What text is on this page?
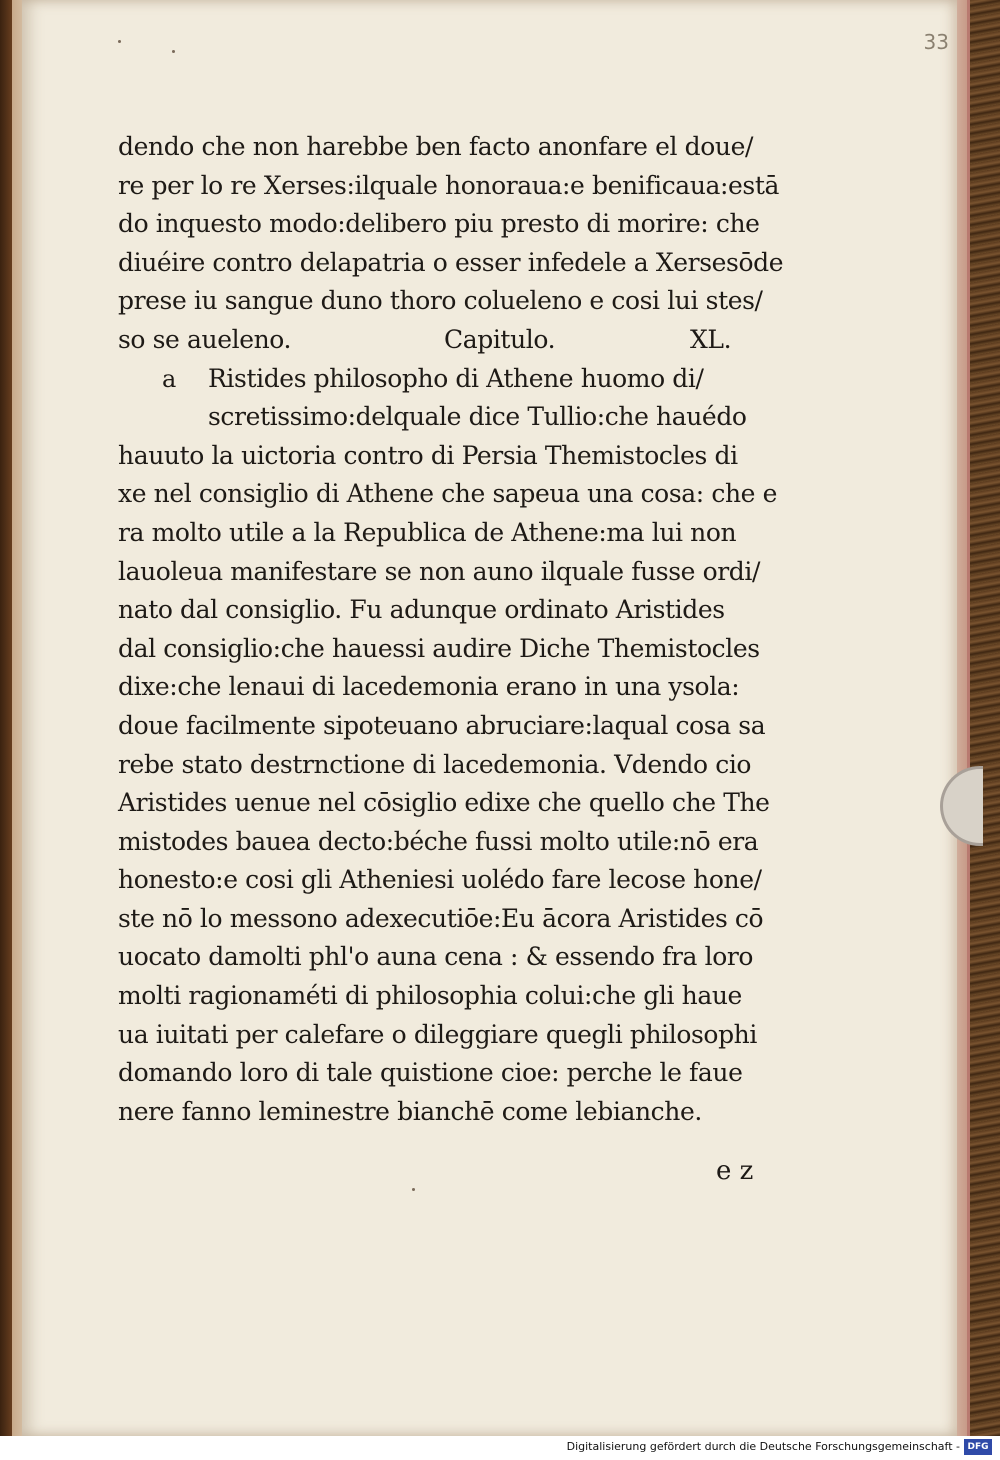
33
dendo che non harebbe ben facto anonfare el doue/
re per lo re Xerses:ilquale honoraua:e benificaua:estā
do inquesto modo:delibero piu presto di morire: che
diuéire contro delapatria o esser infedele a Xersesōde
prese iu sangue duno thoro colueleno e cosi lui stes/
so se aueleno.	Capitulo.	XL.
a Ristides philosopho di Athene huomo di/
scretissimo:delquale dice Tullio:che hauédo
hauuto la uictoria contro di Persia Themistocles di
xe nel consiglio di Athene che sapeua una cosa: che e
ra molto utile a la Republica de Athene:ma lui non
lauoleua manifestare se non auno ilquale fusse ordi/
nato dal consiglio. Fu adunque ordinato Aristides
dal consiglio:che hauessi audire Diche Themistocles
dixe:che lenaui di lacedemonia erano in una ysola:
doue facilmente sipoteuano abruciare:laqual cosa sa
rebe stato destrnctione di lacedemonia. Vdendo cio
Aristides uenue nel cōsiglio edixe che quello che The
mistodes bauea decto:béche fussi molto utile:nō era
honesto:e cosi gli Atheniesi uolédo fare lecose hone/
ste nō lo messono adexecutiōe:Eu ācora Aristides cō
uocato damolti phl'o auna cena : & essendo fra loro
molti ragionaméti di philosophia colui:che gli haue
ua iuitati per calefare o dileggiare quegli philosophi
domando loro di tale quistione cioe: perche le faue
nere fanno leminestre bianchē come lebianche.
e z
Digitalisierung gefördert durch die Deutsche Forschungsgemeinschaft - DFG
